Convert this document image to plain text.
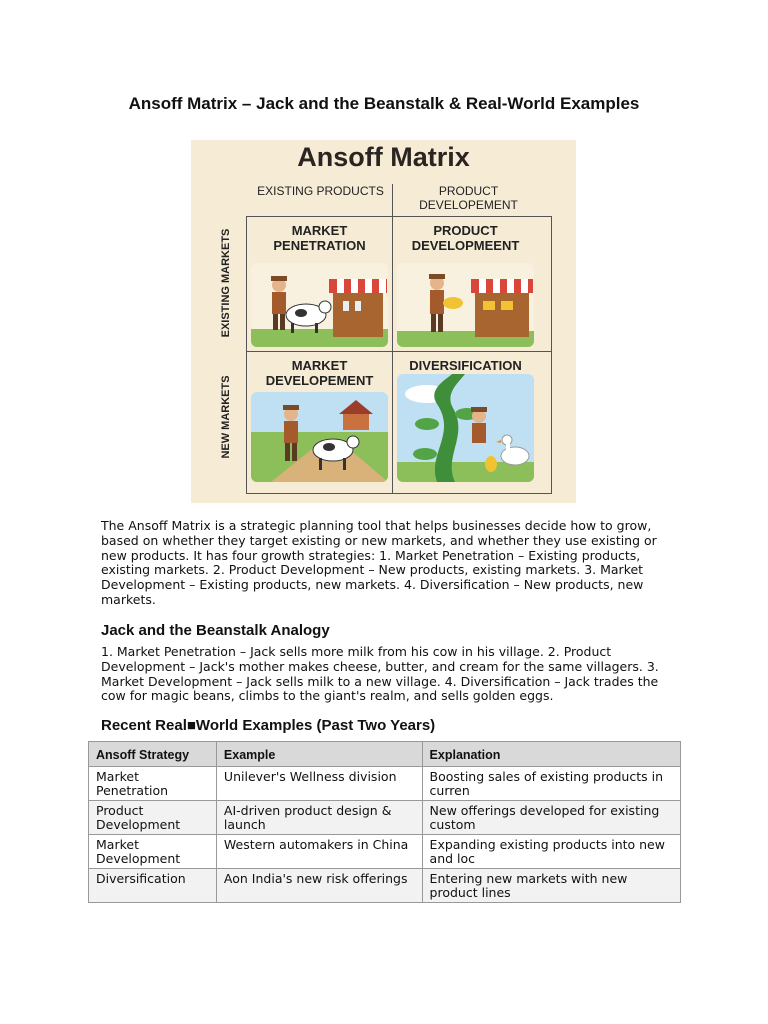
Ansoff Matrix – Jack and the Beanstalk & Real-World Examples
Ansoff Matrix
EXISTING PRODUCTS	PRODUCT DEVELOPEMENT
EXISTING MARKETS
NEW MARKETS
MARKET PENETRATION
PRODUCT DEVELOPMEENT
MARKET DEVELOPEMENT
DIVERSIFICATION

The Ansoff Matrix is a strategic planning tool that helps businesses decide how to grow, based on whether they target existing or new markets, and whether they use existing or new products. It has four growth strategies: 1. Market Penetration – Existing products, existing markets. 2. Product Development – New products, existing markets. 3. Market Development – Existing products, new markets. 4. Diversification – New products, new markets.

Jack and the Beanstalk Analogy

1. Market Penetration – Jack sells more milk from his cow in his village. 2. Product Development – Jack's mother makes cheese, butter, and cream for the same villagers. 3. Market Development – Jack sells milk to a new village. 4. Diversification – Jack trades the cow for magic beans, climbs to the giant's realm, and sells golden eggs.

Recent Real■World Examples (Past Two Years)
Ansoff Strategy	Example	Explanation
Market Penetration	Unilever's Wellness division	Boosting sales of existing products in curren
Product Development	AI-driven product design & launch	New offerings developed for existing custom
Market Development	Western automakers in China	Expanding existing products into new and loc
Diversification	Aon India's new risk offerings	Entering new markets with new product lines
